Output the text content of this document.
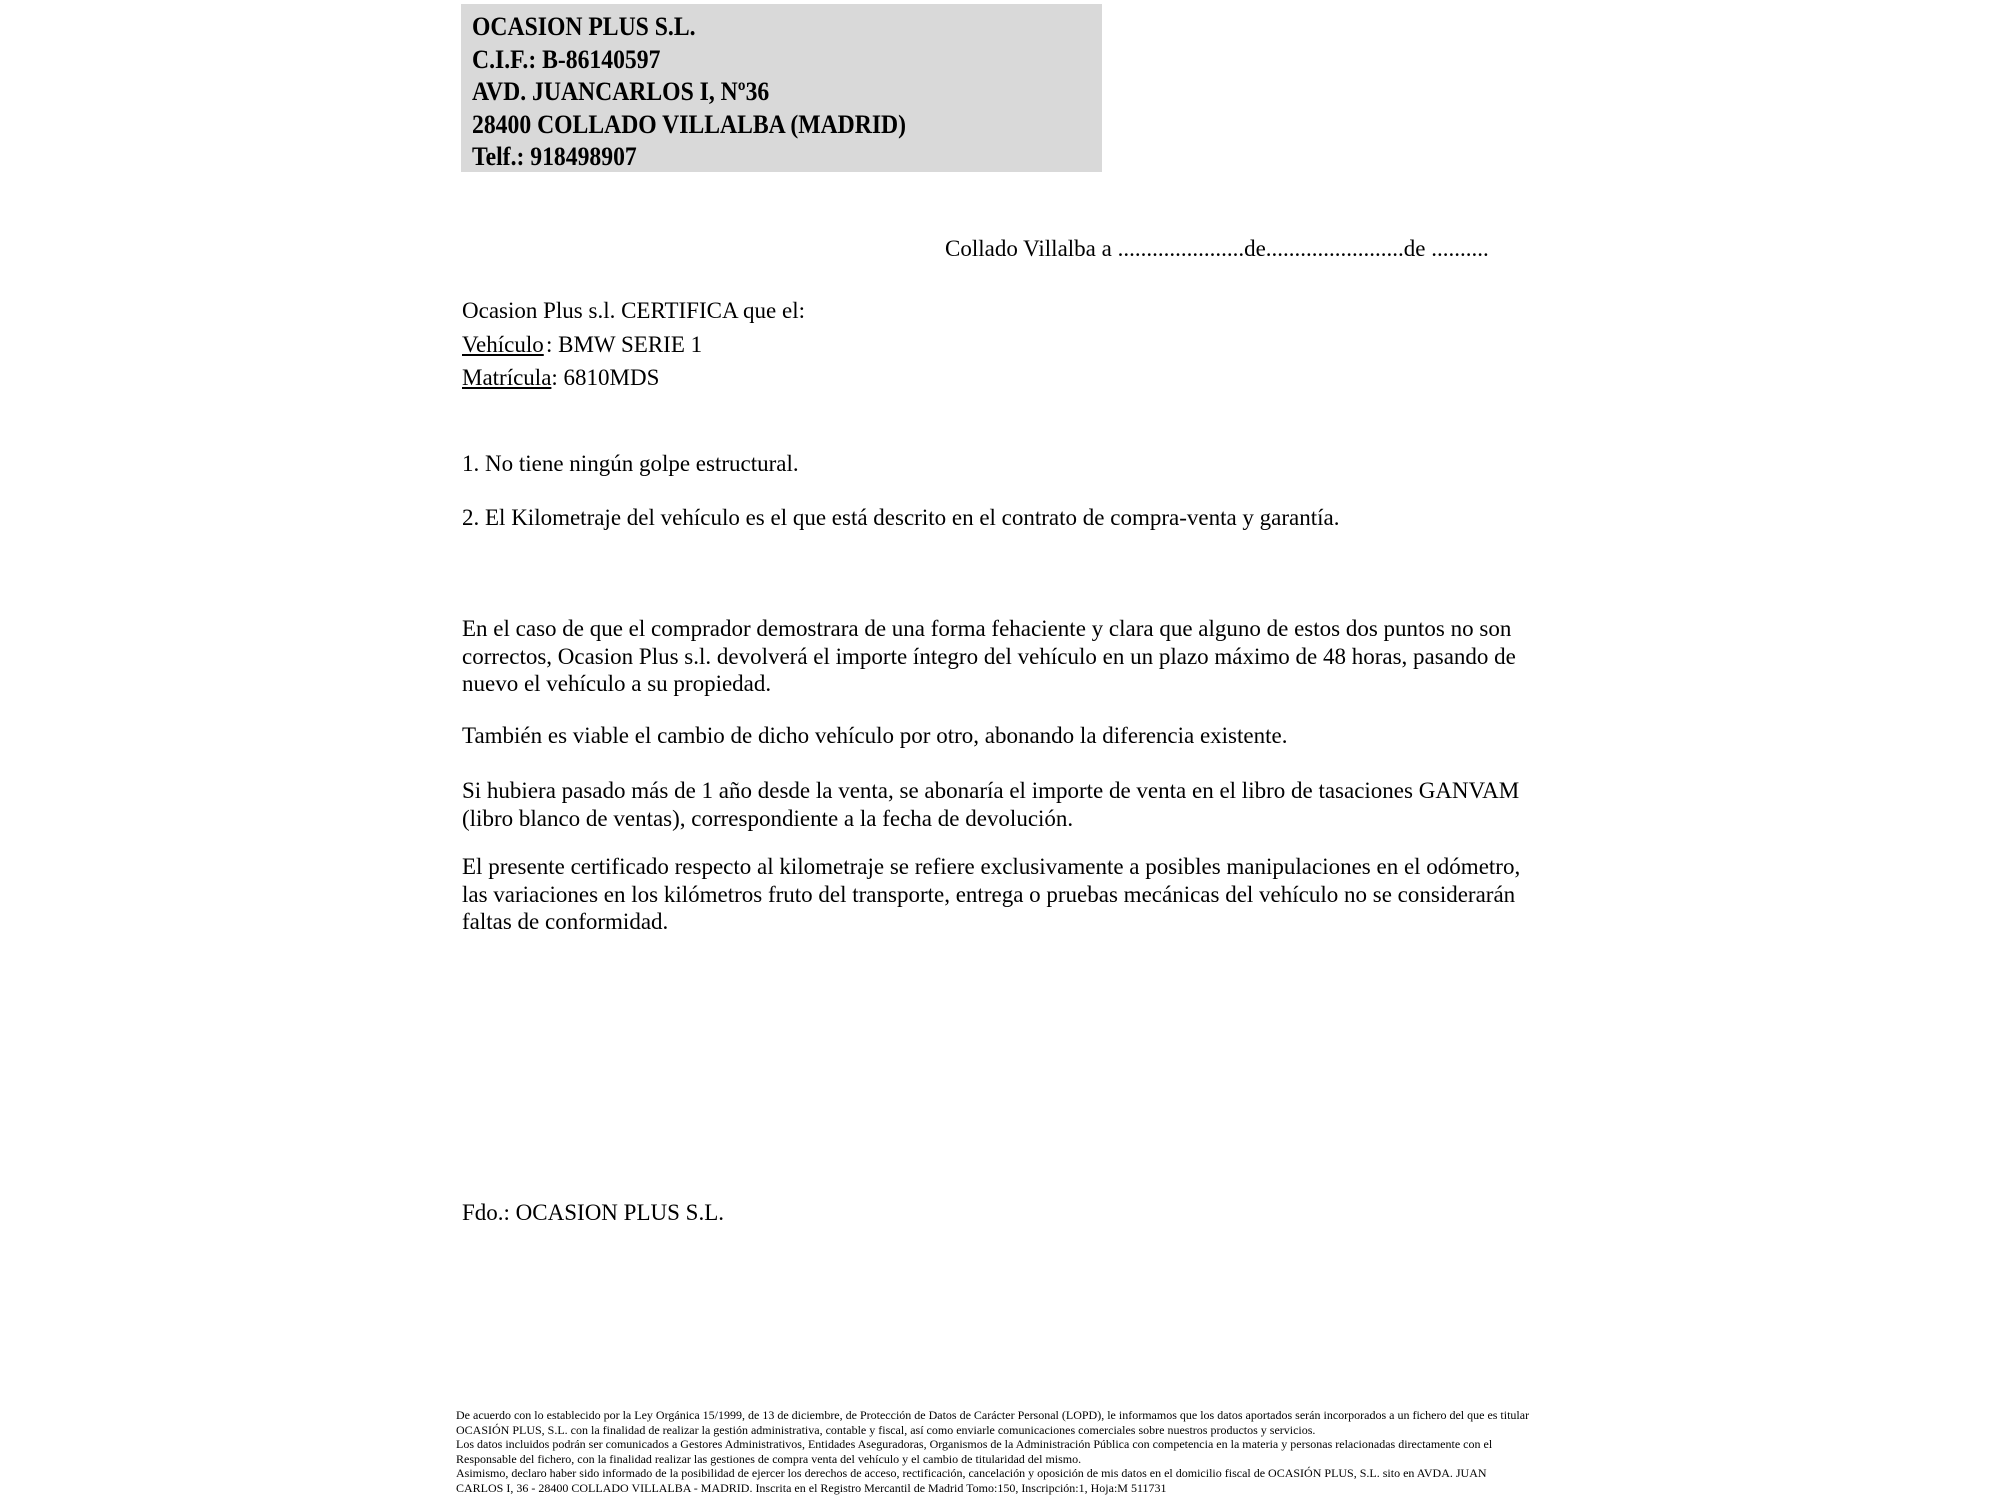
OCASION PLUS S.L.
C.I.F.: B-86140597
AVD. JUANCARLOS I, Nº36
28400 COLLADO VILLALBA (MADRID)
Telf.: 918498907
Collado Villalba a ......................de........................de ..........
Ocasion Plus s.l. CERTIFICA que el:
Vehículo: BMW SERIE 1
Matrícula: 6810MDS
1. No tiene ningún golpe estructural.
2. El Kilometraje del vehículo es el que está descrito en el contrato de compra-venta y garantía.
En el caso de que el comprador demostrara de una forma fehaciente y clara que alguno de estos dos puntos no son correctos, Ocasion Plus s.l. devolverá el importe íntegro del vehículo en un plazo máximo de 48 horas, pasando de nuevo el vehículo a su propiedad.
También es viable el cambio de dicho vehículo por otro, abonando la diferencia existente.
Si hubiera pasado más de 1 año desde la venta, se abonaría el importe de venta en el libro de tasaciones GANVAM (libro blanco de ventas), correspondiente a la fecha de devolución.
El presente certificado respecto al kilometraje se refiere exclusivamente a posibles manipulaciones en el odómetro, las variaciones en los kilómetros fruto del transporte, entrega o pruebas mecánicas del vehículo no se considerarán faltas de conformidad.
Fdo.: OCASION PLUS S.L.
De acuerdo con lo establecido por la Ley Orgánica 15/1999, de 13 de diciembre, de Protección de Datos de Carácter Personal (LOPD), le informamos que los datos aportados serán incorporados a un fichero del que es titular
OCASIÓN PLUS, S.L. con la finalidad de realizar la gestión administrativa, contable y fiscal, así como enviarle comunicaciones comerciales sobre nuestros productos y servicios.
Los datos incluidos podrán ser comunicados a Gestores Administrativos, Entidades Aseguradoras, Organismos de la Administración Pública con competencia en la materia y personas relacionadas directamente con el
Responsable del fichero, con la finalidad realizar las gestiones de compra venta del vehículo y el cambio de titularidad del mismo.
Asimismo, declaro haber sido informado de la posibilidad de ejercer los derechos de acceso, rectificación, cancelación y oposición de mis datos en el domicilio fiscal de OCASIÓN PLUS, S.L. sito en AVDA. JUAN
CARLOS I, 36 - 28400 COLLADO VILLALBA - MADRID. Inscrita en el Registro Mercantil de Madrid Tomo:150, Inscripción:1, Hoja:M 511731
